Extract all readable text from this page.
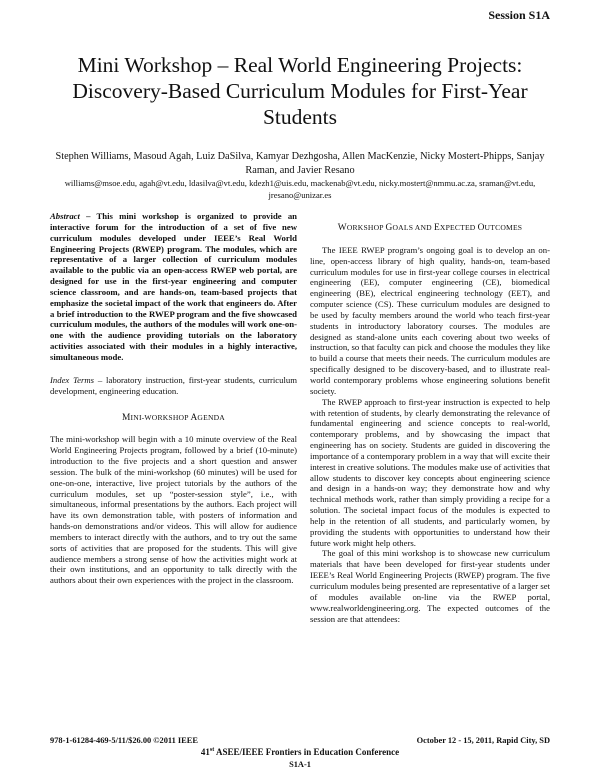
Session S1A
Mini Workshop – Real World Engineering Projects: Discovery-Based Curriculum Modules for First-Year Students
Stephen Williams, Masoud Agah, Luiz DaSilva, Kamyar Dezhgosha, Allen MacKenzie, Nicky Mostert-Phipps, Sanjay Raman, and Javier Resano
williams@msoe.edu, agah@vt.edu, ldasilva@vt.edu, kdezh1@uis.edu, mackenab@vt.edu, nicky.mostert@nmmu.ac.za, sraman@vt.edu, jresano@unizar.es

Abstract – This mini workshop is organized to provide an interactive forum for the introduction of a set of five new curriculum modules developed under IEEE’s Real World Engineering Projects (RWEP) program. The modules, which are representative of a larger collection of curriculum modules available to the public via an open-access RWEP web portal, are designed for use in the first-year engineering and computer science classroom, and are hands-on, team-based projects that emphasize the societal impact of the work that engineers do. After a brief introduction to the RWEP program and the five showcased curriculum modules, the authors of the modules will work one-on-one with the audience providing tutorials on the laboratory activities associated with their modules in a highly interactive, simultaneous mode.

Index Terms – laboratory instruction, first-year students, curriculum development, engineering education.

MINI-WORKSHOP AGENDA

The mini-workshop will begin with a 10 minute overview of the Real World Engineering Projects program, followed by a brief (10-minute) introduction to the five projects and a short question and answer session. The bulk of the mini-workshop (60 minutes) will be used for one-on-one, interactive, live project tutorials by the authors of the curriculum modules, set up “poster-session style”, i.e., with simultaneous, informal presentations by the authors. Each project will have its own demonstration table, with posters of information and hands-on demonstrations and/or videos. This will allow for audience members to interact directly with the authors, and to try out the same sorts of activities that are proposed for the students. This will give audience members a strong sense of how the activities might work at their own institutions, and an opportunity to talk directly with the authors about their own experiences with the project in the classroom.

WORKSHOP GOALS AND EXPECTED OUTCOMES

The IEEE RWEP program’s ongoing goal is to develop an on-line, open-access library of high quality, hands-on, team-based curriculum modules for use in first-year college courses in electrical engineering (EE), computer engineering (CE), biomedical engineering (BE), electrical engineering technology (EET), and computer science (CS). These curriculum modules are designed to be used by faculty members around the world who teach first-year students in introductory laboratory courses. The modules are designed as stand-alone units each covering about two weeks of instruction, so that faculty can pick and choose the modules they like to build a course that meets their needs. The curriculum modules are specifically designed to be discovery-based, and to illustrate real-world contemporary problems whose engineering solutions benefit society.

The RWEP approach to first-year instruction is expected to help with retention of students, by clearly demonstrating the relevance of fundamental engineering and science concepts to real-world, contemporary problems, and by showcasing the impact that engineering has on society. Students are guided in discovering the importance of a contemporary problem in a way that will excite their interest in creative solutions. The modules make use of activities that allow students to discover key concepts about engineering science and design in a hands-on way; they demonstrate how and why technical methods work, rather than simply providing a recipe for a solution. The societal impact focus of the modules is expected to help in the retention of all students, and particularly women, by providing the students with opportunities to understand how their future work might help others.

The goal of this mini workshop is to showcase new curriculum materials that have been developed for first-year students under IEEE’s Real World Engineering Projects (RWEP) program. The five curriculum modules being presented are representative of a larger set of modules available on-line via the RWEP portal, www.realworldengineering.org. The expected outcomes of the session are that attendees:

978-1-61284-469-5/11/$26.00 ©2011 IEEE	October 12 - 15, 2011, Rapid City, SD
41st ASEE/IEEE Frontiers in Education Conference
S1A-1
